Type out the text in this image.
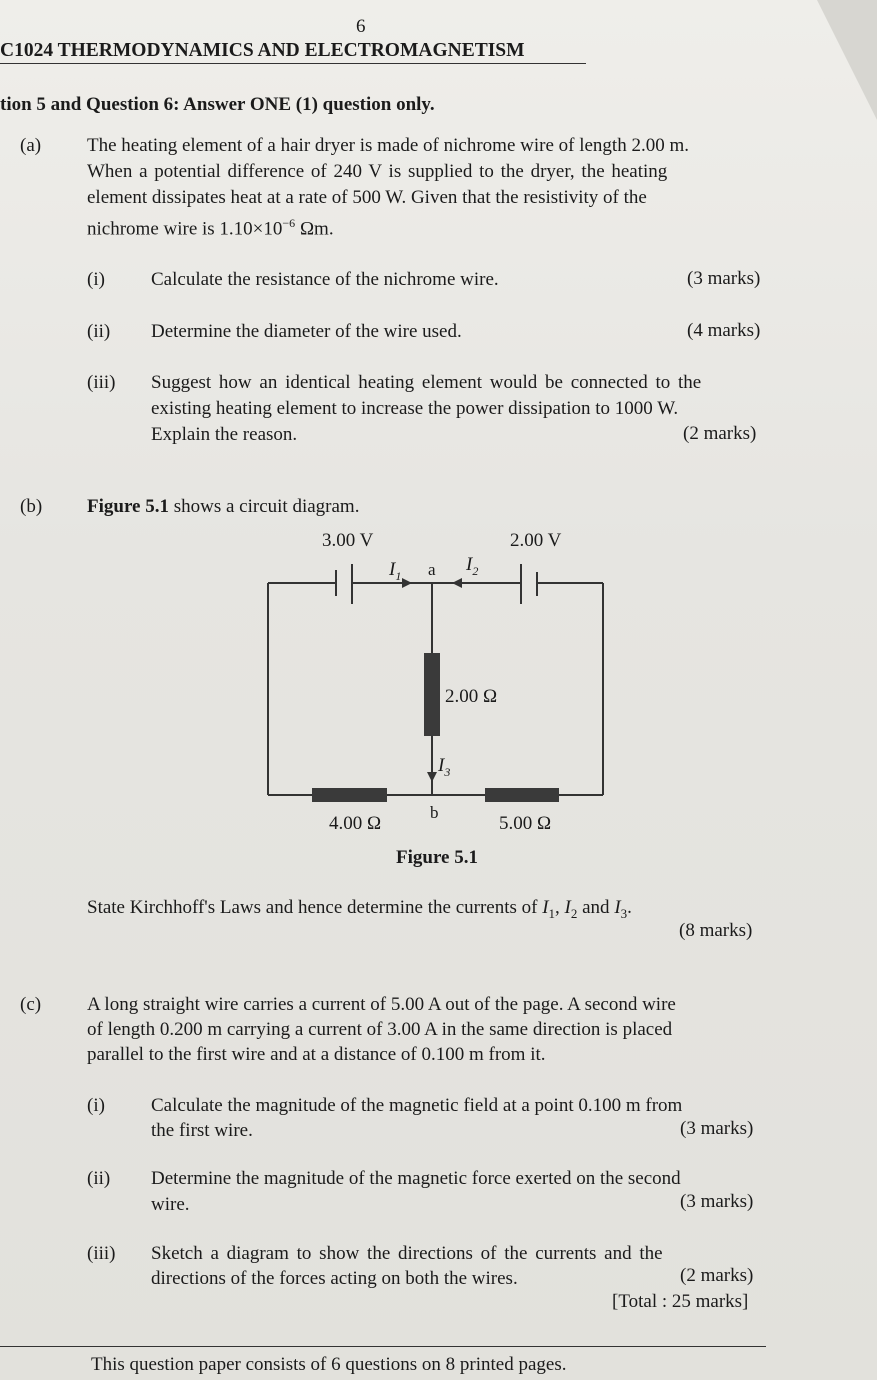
6
C1024 THERMODYNAMICS AND ELECTROMAGNETISM
tion 5 and Question 6: Answer ONE (1) question only.
(a) The heating element of a hair dryer is made of nichrome wire of length 2.00 m.
When a potential difference of 240 V is supplied to the dryer, the heating
element dissipates heat at a rate of 500 W. Given that the resistivity of the
nichrome wire is $1.10\times 10^{-6}$ Ωm.
(i) Calculate the resistance of the nichrome wire.	(3 marks)
(ii) Determine the diameter of the wire used.	(4 marks)
(iii) Suggest how an identical heating element would be connected to the
existing heating element to increase the power dissipation to 1000 W.
Explain the reason.	(2 marks)
(b) Figure 5.1 shows a circuit diagram.
3.00 V	2.00 V
$I_1$ a $I_2$
2.00 Ω
$I_3$
4.00 Ω
b
5.00 Ω
Figure 5.1
State Kirchhoff's Laws and hence determine the currents of $I_1$, $I_2$ and $I_3$.
(8 marks)
(c) A long straight wire carries a current of 5.00 A out of the page. A second wire
of length 0.200 m carrying a current of 3.00 A in the same direction is placed
parallel to the first wire and at a distance of 0.100 m from it.
(i) Calculate the magnitude of the magnetic field at a point 0.100 m from
the first wire.	(3 marks)
(ii) Determine the magnitude of the magnetic force exerted on the second
wire.	(3 marks)
(iii) Sketch a diagram to show the directions of the currents and the
directions of the forces acting on both the wires.	(2 marks)
[Total : 25 marks]
This question paper consists of 6 questions on 8 printed pages.
